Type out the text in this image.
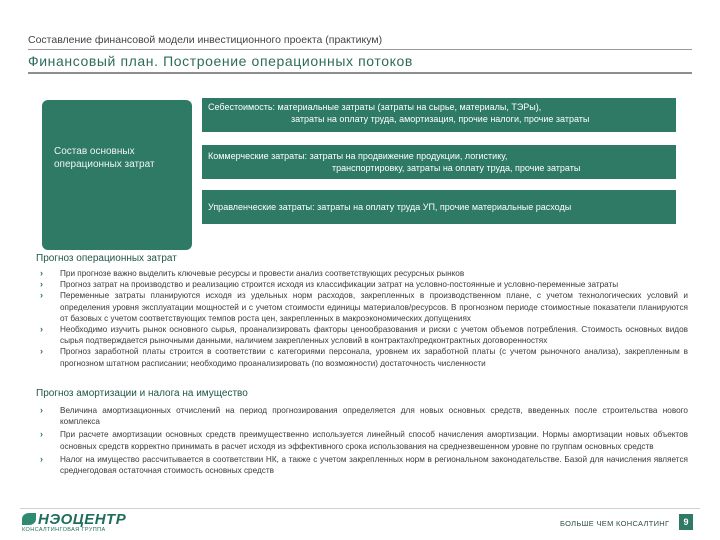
Составление финансовой модели инвестиционного проекта (практикум)
Финансовый план. Построение операционных потоков
Состав основных операционных затрат
Себестоимость: материальные затраты (затраты на сырье, материалы, ТЭРы),
затраты на оплату труда, амортизация, прочие налоги, прочие затраты
Коммерческие затраты: затраты на продвижение продукции, логистику,
транспортировку, затраты на оплату труда, прочие затраты
Управленческие затраты: затраты на оплату труда УП, прочие материальные расходы
Прогноз операционных затрат
› При прогнозе важно выделить ключевые ресурсы и провести анализ соответствующих ресурсных рынков
› Прогноз затрат на производство и реализацию строится исходя из классификации затрат на условно-постоянные и условно-переменные затраты
› Переменные затраты планируются исходя из удельных норм расходов, закрепленных в производственном плане, с учетом технологических условий и определения уровня эксплуатации мощностей и с учетом стоимости единицы материалов/ресурсов. В прогнозном периоде стоимостные показатели планируются от базовых с учетом соответствующих темпов роста цен, закрепленных в макроэкономических допущениях
› Необходимо изучить рынок основного сырья, проанализировать факторы ценообразования и риски с учетом объемов потребления. Стоимость основных видов сырья подтверждается рыночными данными, наличием закрепленных условий в контрактах/предконтрактных договоренностях
› Прогноз заработной платы строится в соответствии с категориями персонала, уровнем их заработной платы (с учетом рыночного анализа), закрепленным в прогнозном штатном расписании; необходимо проанализировать (по возможности) достаточность численности
Прогноз амортизации и налога на имущество
› Величина амортизационных отчислений на период прогнозирования определяется для новых основных средств, введенных после строительства нового комплекса
› При расчете амортизации основных средств преимущественно используется линейный способ начисления амортизации. Нормы амортизации новых объектов основных средств корректно принимать в расчет исходя из эффективного срока использования на среднезвешенном уровне по группам основных средств
› Налог на имущество рассчитывается в соответствии НК, а также с учетом закрепленных норм в региональном законодательстве. Базой для начисления является среднегодовая остаточная стоимость основных средств
НЭОЦЕНТР
КОНСАЛТИНГОВАЯ ГРУППА
БОЛЬШЕ ЧЕМ КОНСАЛТИНГ	9
